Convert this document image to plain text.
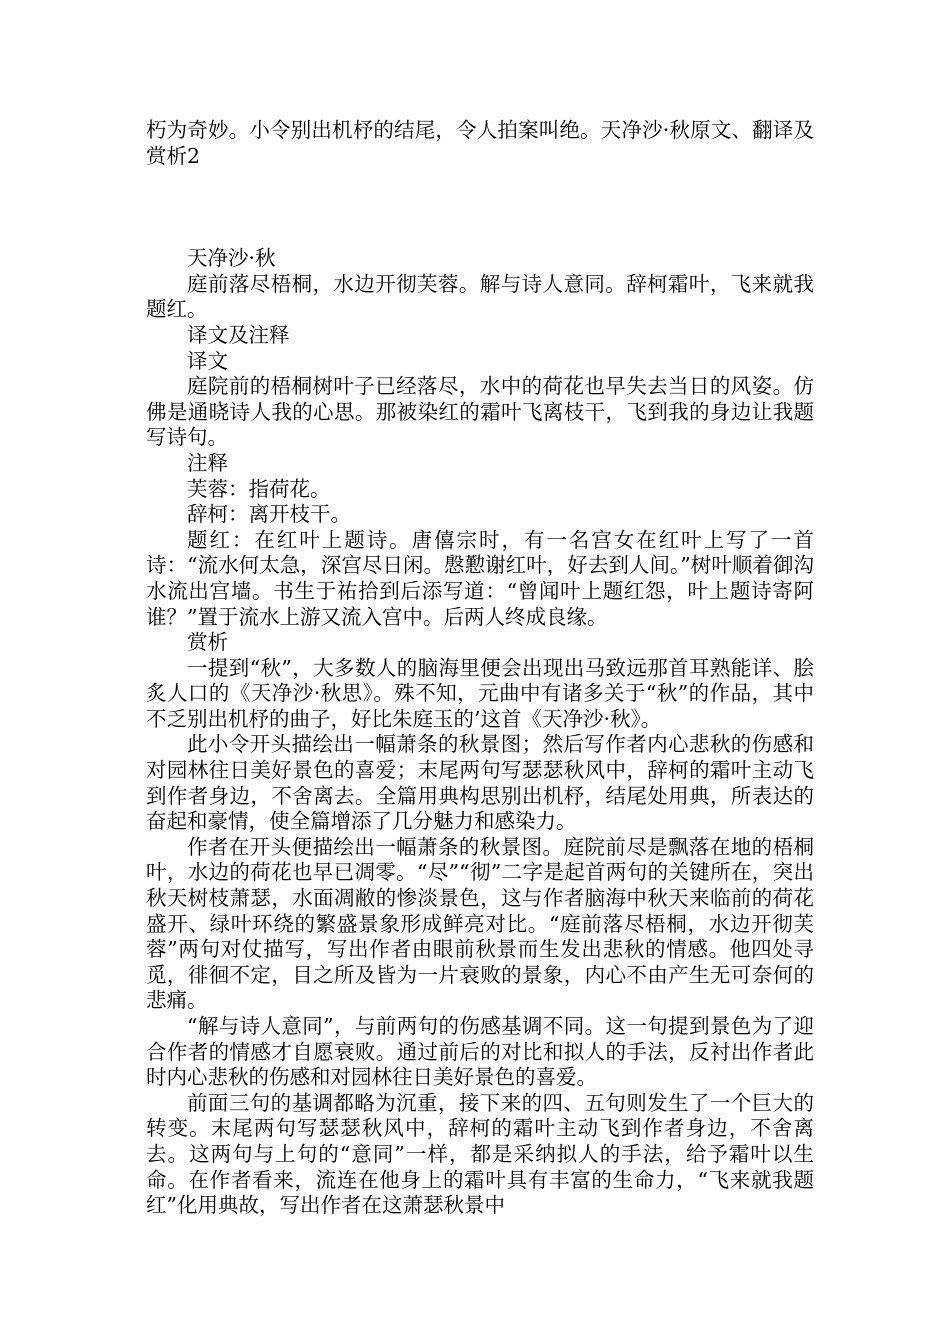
朽为奇妙。小令别出机杼的结尾，令人拍案叫绝。天净沙·秋原文、翻译及赏析2

天净沙·秋

庭前落尽梧桐，水边开彻芙蓉。解与诗人意同。辞柯霜叶，飞来就我题红。

译文及注释

译文

庭院前的梧桐树叶子已经落尽，水中的荷花也早失去当日的风姿。仿佛是通晓诗人我的心思。那被染红的霜叶飞离枝干，飞到我的身边让我题写诗句。

注释

芙蓉：指荷花。

辞柯：离开枝干。

题红：在红叶上题诗。唐僖宗时，有一名宫女在红叶上写了一首诗：“流水何太急，深宫尽日闲。慇懃谢红叶，好去到人间。”树叶顺着御沟水流出宫墙。书生于祐拾到后添写道：“曾闻叶上题红怨，叶上题诗寄阿谁？”置于流水上游又流入宫中。后两人终成良缘。

赏析

一提到“秋”，大多数人的脑海里便会出现出马致远那首耳熟能详、脍炙人口的《天净沙·秋思》。殊不知，元曲中有诸多关于“秋”的作品，其中不乏别出机杼的曲子，好比朱庭玉的’这首《天净沙·秋》。

此小令开头描绘出一幅萧条的秋景图；然后写作者内心悲秋的伤感和对园林往日美好景色的喜爱；末尾两句写瑟瑟秋风中，辞柯的霜叶主动飞到作者身边，不舍离去。全篇用典构思别出机杼，结尾处用典，所表达的奋起和豪情，使全篇增添了几分魅力和感染力。

作者在开头便描绘出一幅萧条的秋景图。庭院前尽是飘落在地的梧桐叶，水边的荷花也早已凋零。“尽”“彻”二字是起首两句的关键所在，突出秋天树枝萧瑟，水面凋敝的惨淡景色，这与作者脑海中秋天来临前的荷花盛开、绿叶环绕的繁盛景象形成鲜亮对比。“庭前落尽梧桐，水边开彻芙蓉”两句对仗描写，写出作者由眼前秋景而生发出悲秋的情感。他四处寻觅，徘徊不定，目之所及皆为一片衰败的景象，内心不由产生无可奈何的悲痛。

“解与诗人意同”，与前两句的伤感基调不同。这一句提到景色为了迎合作者的情感才自愿衰败。通过前后的对比和拟人的手法，反衬出作者此时内心悲秋的伤感和对园林往日美好景色的喜爱。

前面三句的基调都略为沉重，接下来的四、五句则发生了一个巨大的转变。末尾两句写瑟瑟秋风中，辞柯的霜叶主动飞到作者身边，不舍离去。这两句与上句的“意同”一样，都是采纳拟人的手法，给予霜叶以生命。在作者看来，流连在他身上的霜叶具有丰富的生命力，“飞来就我题红”化用典故，写出作者在这萧瑟秋景中
